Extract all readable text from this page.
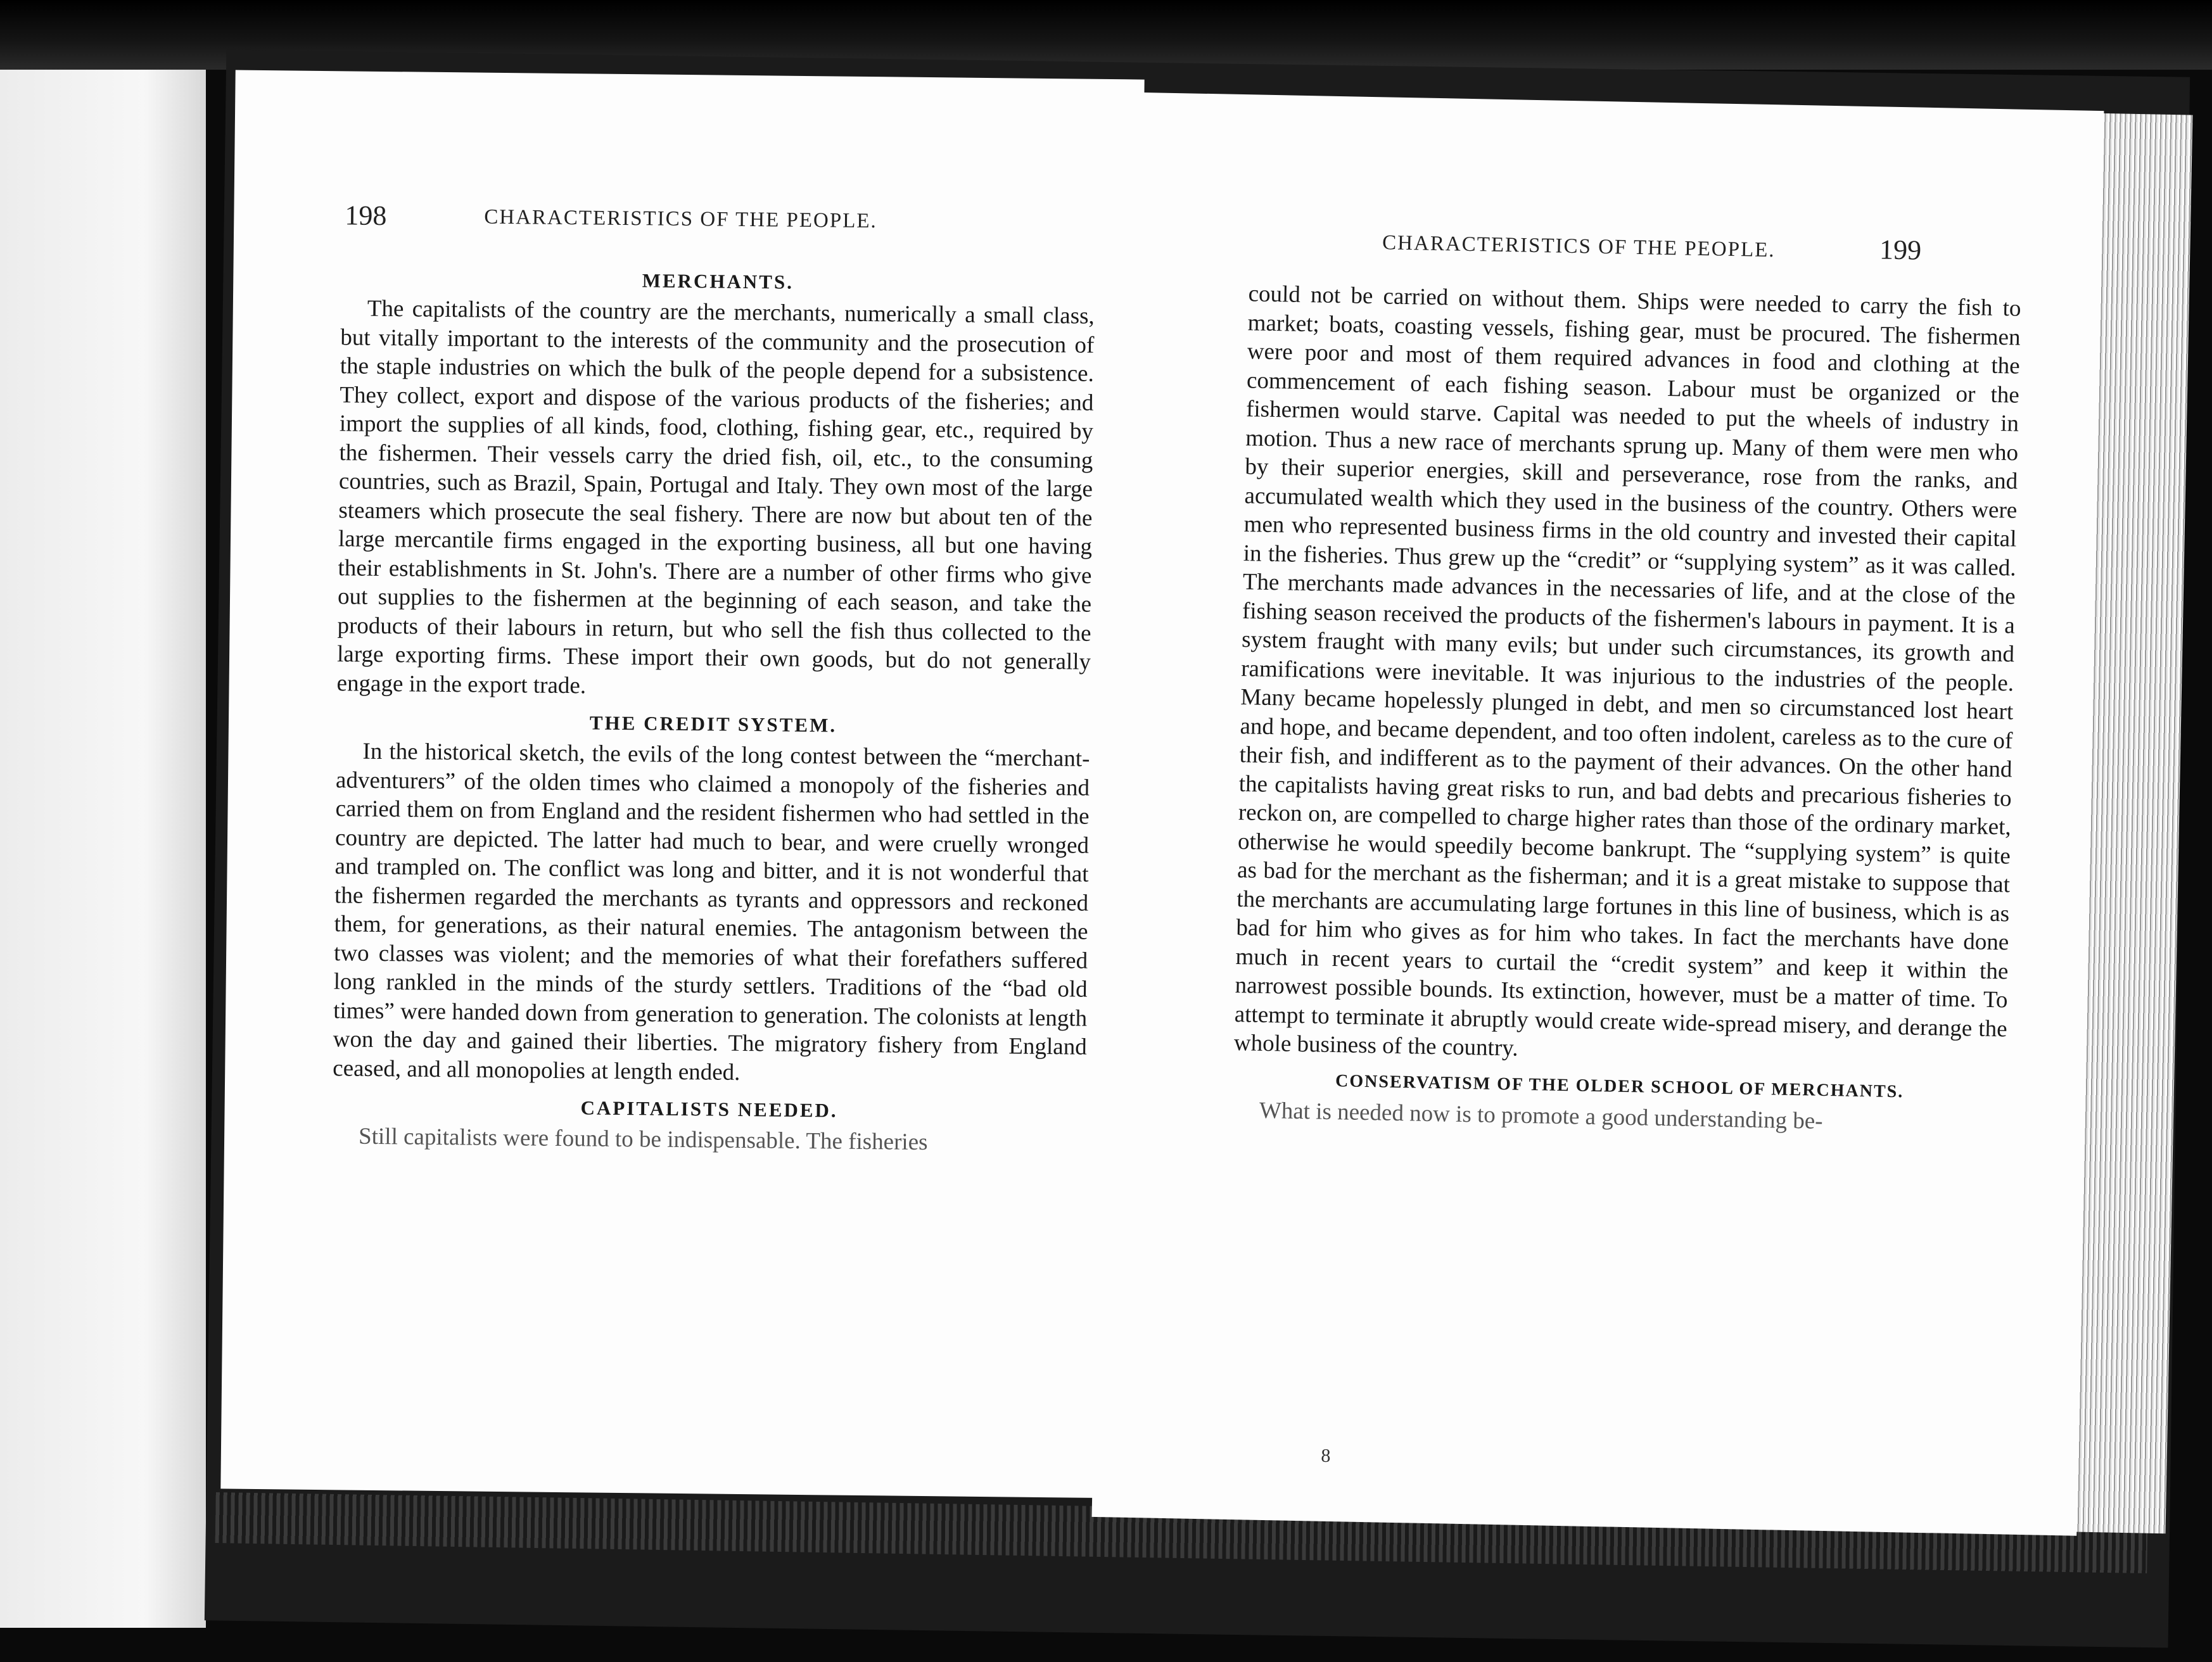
198	CHARACTERISTICS OF THE PEOPLE.
MERCHANTS.

The capitalists of the country are the merchants, numerically a small class, but vitally important to the interests of the community and the prosecution of the staple industries on which the bulk of the people depend for a subsistence. They collect, export and dispose of the various products of the fisheries; and import the supplies of all kinds, food, clothing, fishing gear, etc., required by the fishermen. Their vessels carry the dried fish, oil, etc., to the consuming countries, such as Brazil, Spain, Portugal and Italy. They own most of the large steamers which prosecute the seal fishery. There are now but about ten of the large mercantile firms engaged in the exporting business, all but one having their establishments in St. John's. There are a number of other firms who give out supplies to the fishermen at the beginning of each season, and take the products of their labours in return, but who sell the fish thus collected to the large exporting firms. These import their own goods, but do not generally engage in the export trade.

THE CREDIT SYSTEM.

In the historical sketch, the evils of the long contest between the “merchant-adventurers” of the olden times who claimed a monopoly of the fisheries and carried them on from England and the resident fishermen who had settled in the country are depicted. The latter had much to bear, and were cruelly wronged and trampled on. The conflict was long and bitter, and it is not wonderful that the fishermen regarded the merchants as tyrants and oppressors and reckoned them, for generations, as their natural enemies. The antagonism between the two classes was violent; and the memories of what their forefathers suffered long rankled in the minds of the sturdy settlers. Traditions of the “bad old times” were handed down from generation to generation. The colonists at length won the day and gained their liberties. The migratory fishery from England ceased, and all monopolies at length ended.

CAPITALISTS NEEDED.

Still capitalists were found to be indispensable. The fisheries

CHARACTERISTICS OF THE PEOPLE.	199

could not be carried on without them. Ships were needed to carry the fish to market; boats, coasting vessels, fishing gear, must be procured. The fishermen were poor and most of them required advances in food and clothing at the commencement of each fishing season. Labour must be organized or the fishermen would starve. Capital was needed to put the wheels of industry in motion. Thus a new race of merchants sprung up. Many of them were men who by their superior energies, skill and perseverance, rose from the ranks, and accumulated wealth which they used in the business of the country. Others were men who represented business firms in the old country and invested their capital in the fisheries. Thus grew up the “credit” or “supplying system” as it was called. The merchants made advances in the necessaries of life, and at the close of the fishing season received the products of the fishermen's labours in payment. It is a system fraught with many evils; but under such circumstances, its growth and ramifications were inevitable. It was injurious to the industries of the people. Many became hopelessly plunged in debt, and men so circumstanced lost heart and hope, and became dependent, and too often indolent, careless as to the cure of their fish, and indifferent as to the payment of their advances. On the other hand the capitalists having great risks to run, and bad debts and precarious fisheries to reckon on, are compelled to charge higher rates than those of the ordinary market, otherwise he would speedily become bankrupt. The “supplying system” is quite as bad for the merchant as the fisherman; and it is a great mistake to suppose that the merchants are accumulating large fortunes in this line of business, which is as bad for him who gives as for him who takes. In fact the merchants have done much in recent years to curtail the “credit system” and keep it within the narrowest possible bounds. Its extinction, however, must be a matter of time. To attempt to terminate it abruptly would create wide-spread misery, and derange the whole business of the country.

CONSERVATISM OF THE OLDER SCHOOL OF MERCHANTS.

What is needed now is to promote a good understanding be-

8
